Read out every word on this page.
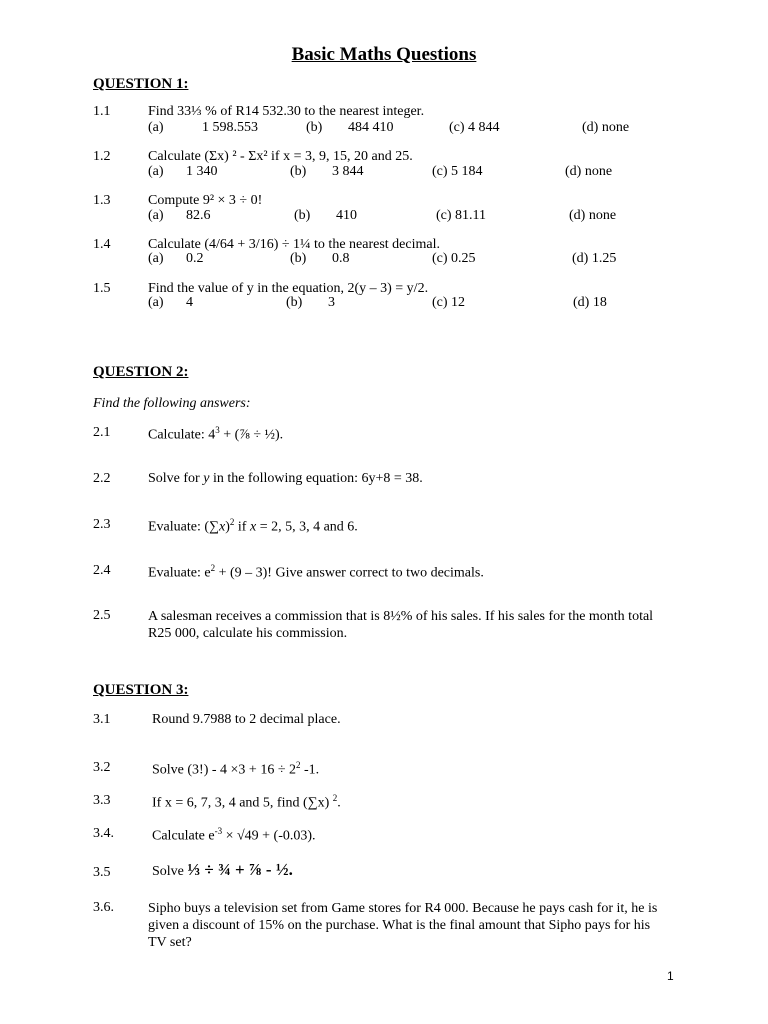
Basic Maths Questions
QUESTION 1:
1.1	Find 33⅓ % of R14 532.30 to the nearest integer.
(a)	1 598.553	(b) 484 410	(c) 4 844	(d) none
1.2	Calculate (Σx) ² - Σx² if x = 3, 9, 15, 20 and 25.
(a) 1 340	(b) 3 844	(c) 5 184	(d) none
1.3	Compute 9² × 3 ÷ 0!
(a) 82.6	(b) 410	(c) 81.11	(d) none
1.4	Calculate (4/64 + 3/16) ÷ 1¼ to the nearest decimal.
(a) 0.2	(b) 0.8	(c) 0.25	(d) 1.25
1.5	Find the value of y in the equation, 2(y – 3) = y/2.
(a) 4	(b) 3	(c) 12	(d) 18
QUESTION 2:
Find the following answers:
2.1	Calculate: $4^3$ + (⅞ ÷ ½).
2.2	Solve for y in the following equation: 6y+8 = 38.
2.3	Evaluate: $(\sum x)^2$ if x = 2, 5, 3, 4 and 6.
2.4	Evaluate: $e^2 + (9 - 3)$! Give answer correct to two decimals.
2.5	A salesman receives a commission that is 8½% of his sales. If his sales for the month total R25 000, calculate his commission.
QUESTION 3:
3.1	Round 9.7988 to 2 decimal place.
3.2	Solve $(3!) - 4 \times 3 + 16 \div 2^2$ -1.
3.3	If x = 6, 7, 3, 4 and 5, find (∑x) $^2$.
3.4.	Calculate $e^{-3} \times √49 + (-0.03)$.
3.5	Solve ⅓ ÷ ¾ + ⅞ - ½.
3.6. Sipho buys a television set from Game stores for R4 000. Because he pays cash for it, he is given a discount of 15% on the purchase. What is the final amount that Sipho pays for his TV set?
1
